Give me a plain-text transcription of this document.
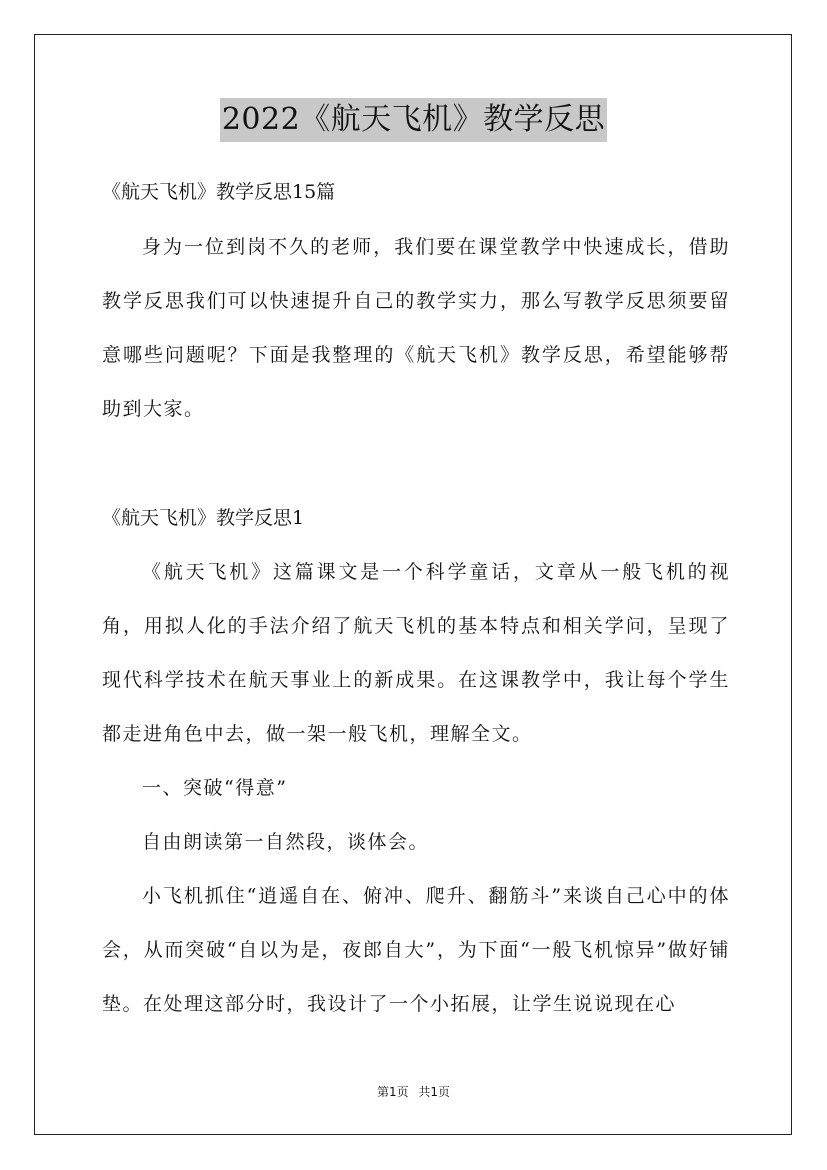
2022《航天飞机》教学反思

《航天飞机》教学反思15篇

身为一位到岗不久的老师，我们要在课堂教学中快速成长，借助教学反思我们可以快速提升自己的教学实力，那么写教学反思须要留意哪些问题呢？下面是我整理的《航天飞机》教学反思，希望能够帮助到大家。

《航天飞机》教学反思1

《航天飞机》这篇课文是一个科学童话，文章从一般飞机的视角，用拟人化的手法介绍了航天飞机的基本特点和相关学问，呈现了现代科学技术在航天事业上的新成果。在这课教学中，我让每个学生都走进角色中去，做一架一般飞机，理解全文。

一、突破“得意”

自由朗读第一自然段，谈体会。

小飞机抓住“逍遥自在、俯冲、爬升、翻筋斗”来谈自己心中的体会，从而突破“自以为是，夜郎自大”，为下面“一般飞机惊异”做好铺垫。在处理这部分时，我设计了一个小拓展，让学生说说现在心

第1页 共1页
